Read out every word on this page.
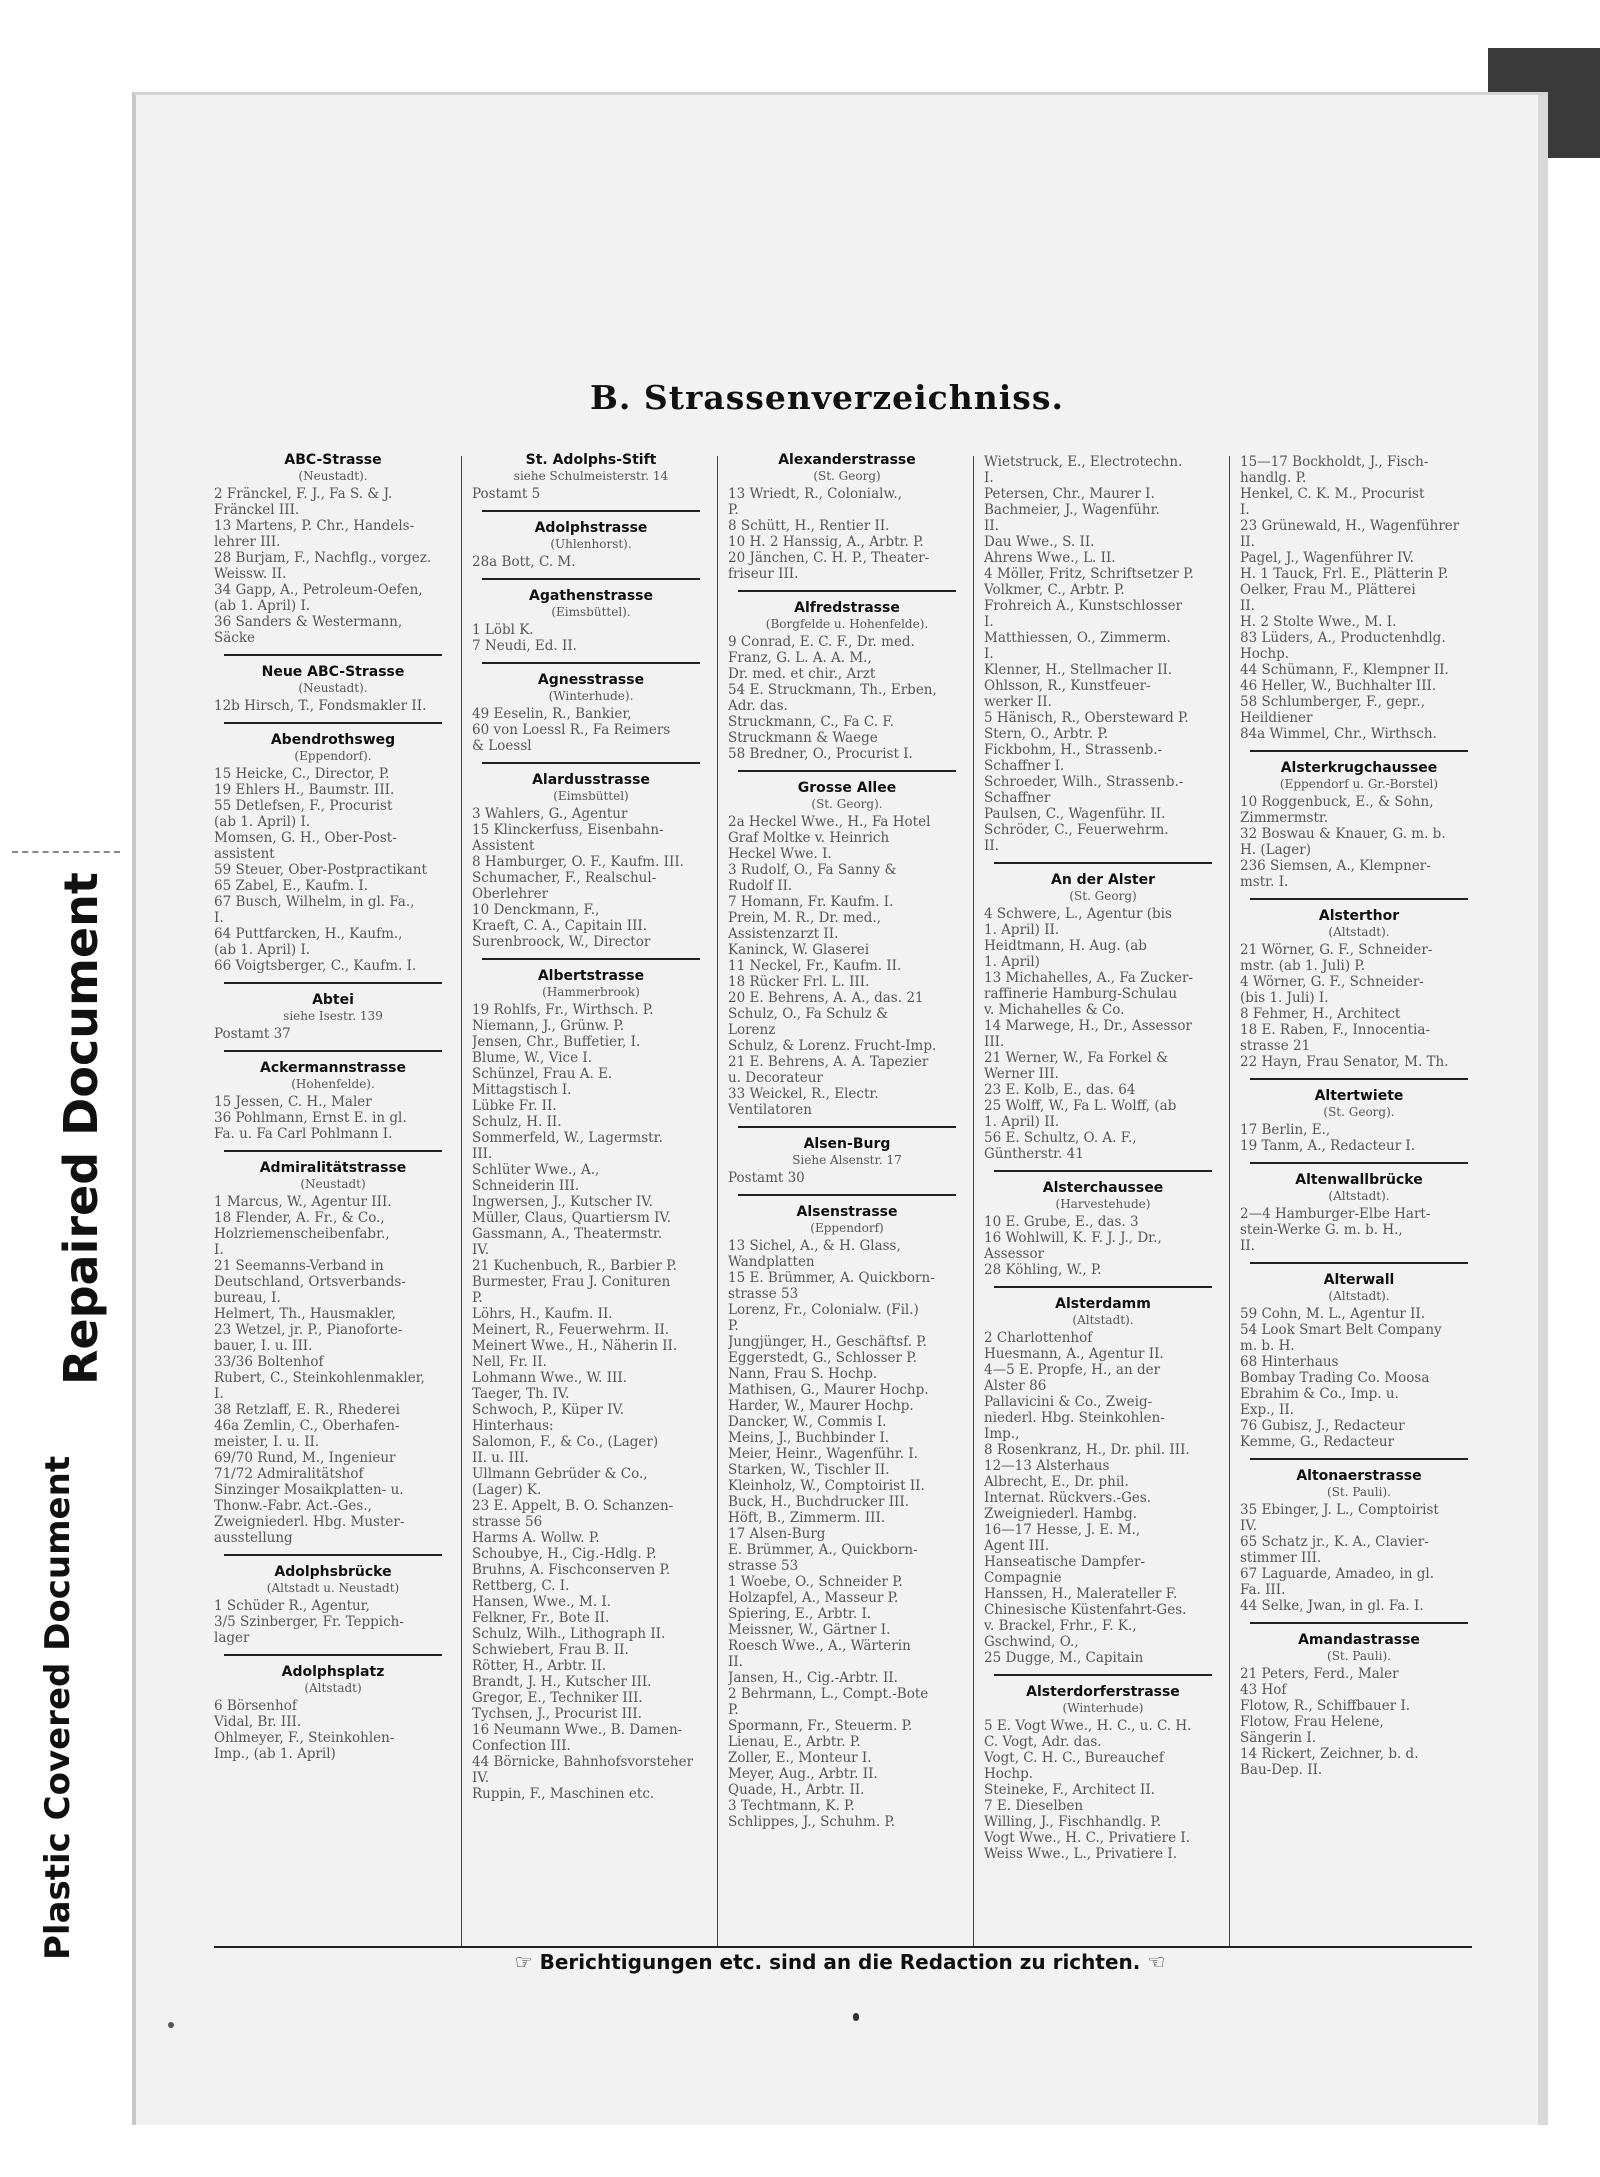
Repaired Document
Plastic Covered Document
B. Strassenverzeichniss.
ABC-Strasse
(Neustadt).
2 Fränckel, F. J., Fa S. & J.
Fränckel III.
13 Martens, P. Chr., Handels-
lehrer III.
28 Burjam, F., Nachflg., vorgez.
Weissw. II.
34 Gapp, A., Petroleum-Oefen,
(ab 1. April) I.
36 Sanders & Westermann,
Säcke
Neue ABC-Strasse
(Neustadt).
12b Hirsch, T., Fondsmakler II.
Abendrothsweg
(Eppendorf).
15 Heicke, C., Director, P.
19 Ehlers H., Baumstr. III.
55 Detlefsen, F., Procurist
(ab 1. April) I.
Momsen, G. H., Ober-Post-
assistent
59 Steuer, Ober-Postpractikant
65 Zabel, E., Kaufm. I.
67 Busch, Wilhelm, in gl. Fa.,
I.
64 Puttfarcken, H., Kaufm.,
(ab 1. April) I.
66 Voigtsberger, C., Kaufm. I.
Abtei
siehe Isestr. 139
Postamt 37
Ackermannstrasse
(Hohenfelde).
15 Jessen, C. H., Maler
36 Pohlmann, Ernst E. in gl.
Fa. u. Fa Carl Pohlmann I.
Admiralitätstrasse
(Neustadt)
1 Marcus, W., Agentur III.
18 Flender, A. Fr., & Co.,
Holzriemenscheibenfabr.,
I.
21 Seemanns-Verband in
Deutschland, Ortsverbands-
bureau, I.
Helmert, Th., Hausmakler,
23 Wetzel, jr. P., Pianoforte-
bauer, I. u. III.
33/36 Boltenhof
Rubert, C., Steinkohlenmakler,
I.
38 Retzlaff, E. R., Rhederei
46a Zemlin, C., Oberhafen-
meister, I. u. II.
69/70 Rund, M., Ingenieur
71/72 Admiralitätshof
Sinzinger Mosaikplatten- u.
Thonw.-Fabr. Act.-Ges.,
Zweigniederl. Hbg. Muster-
ausstellung
Adolphsbrücke
(Altstadt u. Neustadt)
1 Schüder R., Agentur,
3/5 Szinberger, Fr. Teppich-
lager
Adolphsplatz
(Altstadt)
6 Börsenhof
Vidal, Br. III.
Ohlmeyer, F., Steinkohlen-
Imp., (ab 1. April)
St. Adolphs-Stift
siehe Schulmeisterstr. 14
Postamt 5
Adolphstrasse
(Uhlenhorst).
28a Bott, C. M.
Agathenstrasse
(Eimsbüttel).
1 Löbl K.
7 Neudi, Ed. II.
Agnesstrasse
(Winterhude).
49 Eeselin, R., Bankier,
60 von Loessl R., Fa Reimers
& Loessl
Alardusstrasse
(Eimsbüttel)
3 Wahlers, G., Agentur
15 Klinckerfuss, Eisenbahn-
Assistent
8 Hamburger, O. F., Kaufm. III.
Schumacher, F., Realschul-
Oberlehrer
10 Denckmann, F.,
Kraeft, C. A., Capitain III.
Surenbroock, W., Director
Albertstrasse
(Hammerbrook)
19 Rohlfs, Fr., Wirthsch. P.
Niemann, J., Grünw. P.
Jensen, Chr., Buffetier, I.
Blume, W., Vice I.
Schünzel, Frau A. E.
Mittagstisch I.
Lübke Fr. II.
Schulz, H. II.
Sommerfeld, W., Lagermstr.
III.
Schlüter Wwe., A.,
Schneiderin III.
Ingwersen, J., Kutscher IV.
Müller, Claus, Quartiersm IV.
Gassmann, A., Theatermstr.
IV.
21 Kuchenbuch, R., Barbier P.
Burmester, Frau J. Conituren
P.
Löhrs, H., Kaufm. II.
Meinert, R., Feuerwehrm. II.
Meinert Wwe., H., Näherin II.
Nell, Fr. II.
Lohmann Wwe., W. III.
Taeger, Th. IV.
Schwoch, P., Küper IV.
Hinterhaus:
Salomon, F., & Co., (Lager)
II. u. III.
Ullmann Gebrüder & Co.,
(Lager) K.
23 E. Appelt, B. O. Schanzen-
strasse 56
Harms A. Wollw. P.
Schoubye, H., Cig.-Hdlg. P.
Bruhns, A. Fischconserven P.
Rettberg, C. I.
Hansen, Wwe., M. I.
Felkner, Fr., Bote II.
Schulz, Wilh., Lithograph II.
Schwiebert, Frau B. II.
Rötter, H., Arbtr. II.
Brandt, J. H., Kutscher III.
Gregor, E., Techniker III.
Tychsen, J., Procurist III.
16 Neumann Wwe., B. Damen-
Confection III.
44 Börnicke, Bahnhofsvorsteher
IV.
Ruppin, F., Maschinen etc.
Alexanderstrasse
(St. Georg)
13 Wriedt, R., Colonialw.,
P.
8 Schütt, H., Rentier II.
10 H. 2 Hanssig, A., Arbtr. P.
20 Jänchen, C. H. P., Theater-
friseur III.
Alfredstrasse
(Borgfelde u. Hohenfelde).
9 Conrad, E. C. F., Dr. med.
Franz, G. L. A. A. M.,
Dr. med. et chir., Arzt
54 E. Struckmann, Th., Erben,
Adr. das.
Struckmann, C., Fa C. F.
Struckmann & Waege
58 Bredner, O., Procurist I.
Grosse Allee
(St. Georg).
2a Heckel Wwe., H., Fa Hotel
Graf Moltke v. Heinrich
Heckel Wwe. I.
3 Rudolf, O., Fa Sanny &
Rudolf II.
7 Homann, Fr. Kaufm. I.
Prein, M. R., Dr. med.,
Assistenzarzt II.
Kaninck, W. Glaserei
11 Neckel, Fr., Kaufm. II.
18 Rücker Frl. L. III.
20 E. Behrens, A. A., das. 21
Schulz, O., Fa Schulz &
Lorenz
Schulz, & Lorenz. Frucht-Imp.
21 E. Behrens, A. A. Tapezier
u. Decorateur
33 Weickel, R., Electr.
Ventilatoren
Alsen-Burg
Siehe Alsenstr. 17
Postamt 30
Alsenstrasse
(Eppendorf)
13 Sichel, A., & H. Glass,
Wandplatten
15 E. Brümmer, A. Quickborn-
strasse 53
Lorenz, Fr., Colonialw. (Fil.)
P.
Jungjünger, H., Geschäftsf. P.
Eggerstedt, G., Schlosser P.
Nann, Frau S. Hochp.
Mathisen, G., Maurer Hochp.
Harder, W., Maurer Hochp.
Dancker, W., Commis I.
Meins, J., Buchbinder I.
Meier, Heinr., Wagenführ. I.
Starken, W., Tischler II.
Kleinholz, W., Comptoirist II.
Buck, H., Buchdrucker III.
Höft, B., Zimmerm. III.
17 Alsen-Burg
E. Brümmer, A., Quickborn-
strasse 53
1 Woebe, O., Schneider P.
Holzapfel, A., Masseur P.
Spiering, E., Arbtr. I.
Meissner, W., Gärtner I.
Roesch Wwe., A., Wärterin
II.
Jansen, H., Cig.-Arbtr. II.
2 Behrmann, L., Compt.-Bote
P.
Spormann, Fr., Steuerm. P.
Lienau, E., Arbtr. P.
Zoller, E., Monteur I.
Meyer, Aug., Arbtr. II.
Quade, H., Arbtr. II.
3 Techtmann, K. P.
Schlippes, J., Schuhm. P.
Wietstruck, E., Electrotechn.
I.
Petersen, Chr., Maurer I.
Bachmeier, J., Wagenführ.
II.
Dau Wwe., S. II.
Ahrens Wwe., L. II.
4 Möller, Fritz, Schriftsetzer P.
Volkmer, C., Arbtr. P.
Frohreich A., Kunstschlosser
I.
Matthiessen, O., Zimmerm.
I.
Klenner, H., Stellmacher II.
Ohlsson, R., Kunstfeuer-
werker II.
5 Hänisch, R., Obersteward P.
Stern, O., Arbtr. P.
Fickbohm, H., Strassenb.-
Schaffner I.
Schroeder, Wilh., Strassenb.-
Schaffner
Paulsen, C., Wagenführ. II.
Schröder, C., Feuerwehrm.
II.
An der Alster
(St. Georg)
4 Schwere, L., Agentur (bis
1. April) II.
Heidtmann, H. Aug. (ab
1. April)
13 Michahelles, A., Fa Zucker-
raffinerie Hamburg-Schulau
v. Michahelles & Co.
14 Marwege, H., Dr., Assessor
III.
21 Werner, W., Fa Forkel &
Werner III.
23 E. Kolb, E., das. 64
25 Wolff, W., Fa L. Wolff, (ab
1. April) II.
56 E. Schultz, O. A. F.,
Güntherstr. 41
Alsterchaussee
(Harvestehude)
10 E. Grube, E., das. 3
16 Wohlwill, K. F. J. J., Dr.,
Assessor
28 Köhling, W., P.
Alsterdamm
(Altstadt).
2 Charlottenhof
Huesmann, A., Agentur II.
4—5 E. Propfe, H., an der
Alster 86
Pallavicini & Co., Zweig-
niederl. Hbg. Steinkohlen-
Imp.,
8 Rosenkranz, H., Dr. phil. III.
12—13 Alsterhaus
Albrecht, E., Dr. phil.
Internat. Rückvers.-Ges.
Zweigniederl. Hambg.
16—17 Hesse, J. E. M.,
Agent III.
Hanseatische Dampfer-
Compagnie
Hanssen, H., Malerateller F.
Chinesische Küstenfahrt-Ges.
v. Brackel, Frhr., F. K.,
Gschwind, O.,
25 Dugge, M., Capitain
Alsterdorferstrasse
(Winterhude)
5 E. Vogt Wwe., H. C., u. C. H.
C. Vogt, Adr. das.
Vogt, C. H. C., Bureauchef
Hochp.
Steineke, F., Architect II.
7 E. Dieselben
Willing, J., Fischhandlg. P.
Vogt Wwe., H. C., Privatiere I.
Weiss Wwe., L., Privatiere I.
15—17 Bockholdt, J., Fisch-
handlg. P.
Henkel, C. K. M., Procurist
I.
23 Grünewald, H., Wagenführer
II.
Pagel, J., Wagenführer IV.
H. 1 Tauck, Frl. E., Plätterin P.
Oelker, Frau M., Plätterei
II.
H. 2 Stolte Wwe., M. I.
83 Lüders, A., Productenhdlg.
Hochp.
44 Schümann, F., Klempner II.
46 Heller, W., Buchhalter III.
58 Schlumberger, F., gepr.,
Heildiener
84a Wimmel, Chr., Wirthsch.
Alsterkrugchaussee
(Eppendorf u. Gr.-Borstel)
10 Roggenbuck, E., & Sohn,
Zimmermstr.
32 Boswau & Knauer, G. m. b.
H. (Lager)
236 Siemsen, A., Klempner-
mstr. I.
Alsterthor
(Altstadt).
21 Wörner, G. F., Schneider-
mstr. (ab 1. Juli) P.
4 Wörner, G. F., Schneider-
(bis 1. Juli) I.
8 Fehmer, H., Architect
18 E. Raben, F., Innocentia-
strasse 21
22 Hayn, Frau Senator, M. Th.
Altertwiete
(St. Georg).
17 Berlin, E.,
19 Tanm, A., Redacteur I.
Altenwallbrücke
(Altstadt).
2—4 Hamburger-Elbe Hart-
stein-Werke G. m. b. H.,
II.
Alterwall
(Altstadt).
59 Cohn, M. L., Agentur II.
54 Look Smart Belt Company
m. b. H.
68 Hinterhaus
Bombay Trading Co. Moosa
Ebrahim & Co., Imp. u.
Exp., II.
76 Gubisz, J., Redacteur
Kemme, G., Redacteur
Altonaerstrasse
(St. Pauli).
35 Ebinger, J. L., Comptoirist
IV.
65 Schatz jr., K. A., Clavier-
stimmer III.
67 Laguarde, Amadeo, in gl.
Fa. III.
44 Selke, Jwan, in gl. Fa. I.
Amandastrasse
(St. Pauli).
21 Peters, Ferd., Maler
43 Hof
Flotow, R., Schiffbauer I.
Flotow, Frau Helene,
Sängerin I.
14 Rickert, Zeichner, b. d.
Bau-Dep. II.
☞ Berichtigungen etc. sind an die Redaction zu richten. ☜
